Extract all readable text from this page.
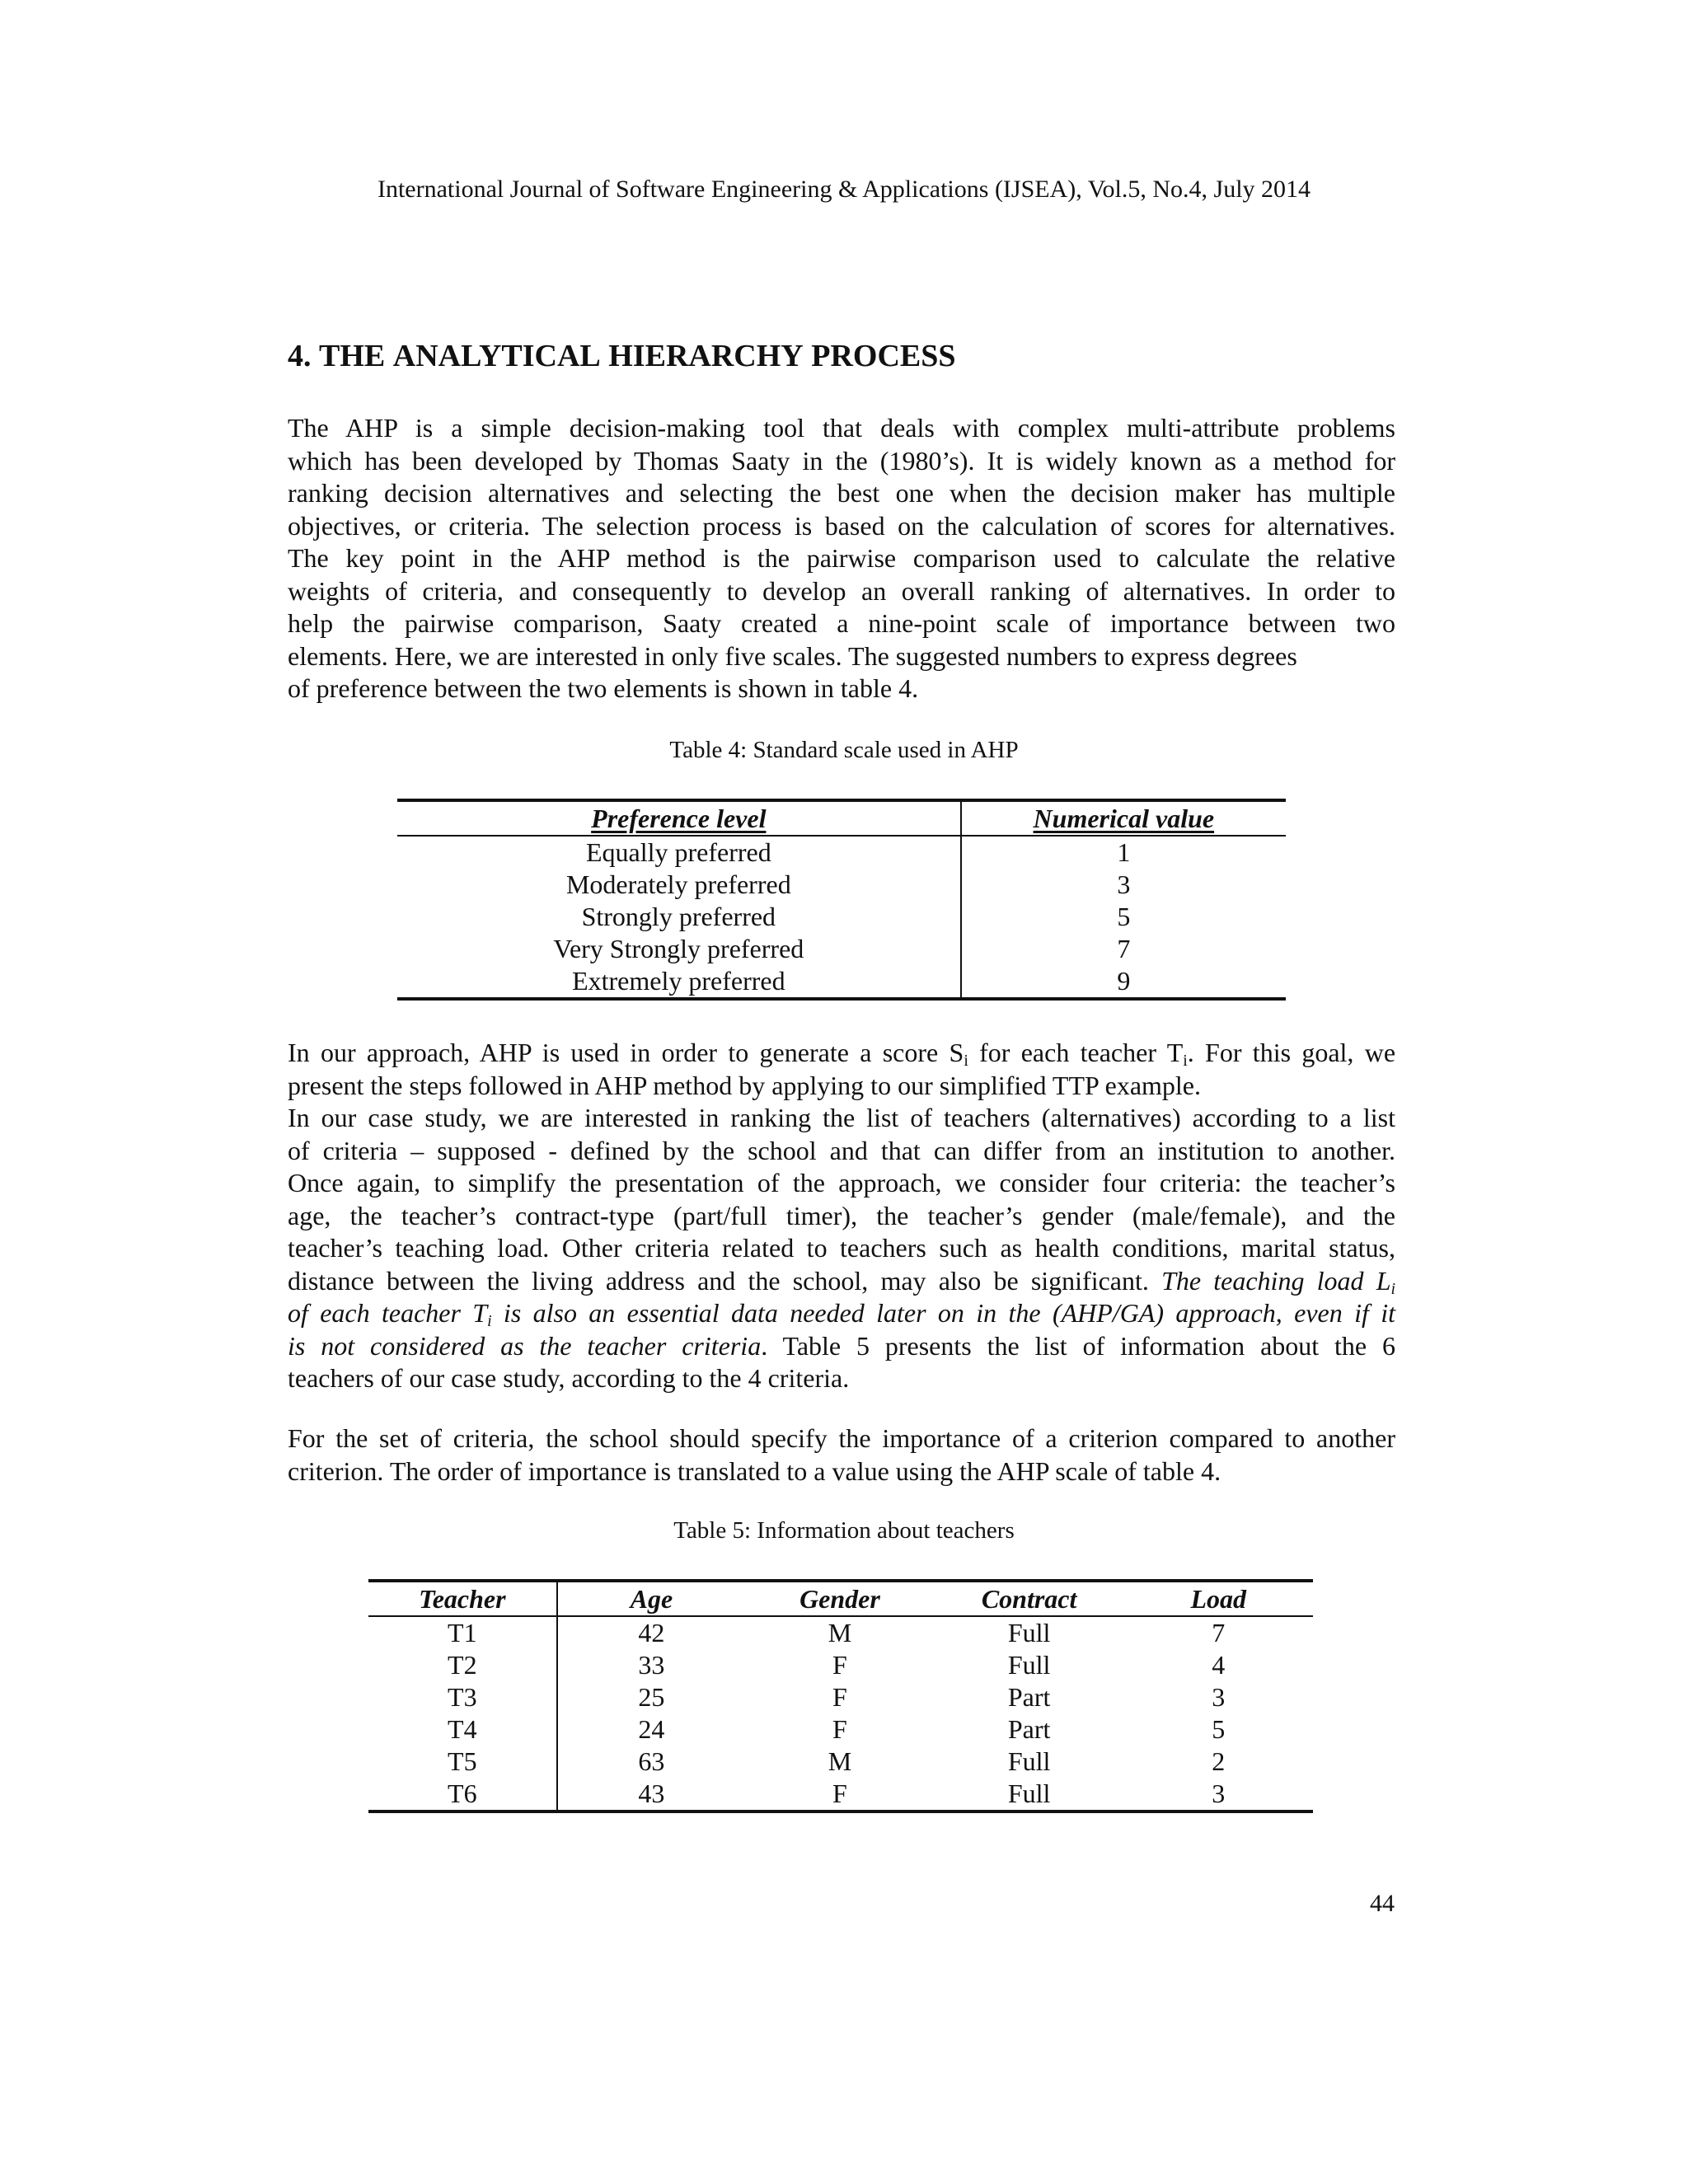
International Journal of Software Engineering & Applications (IJSEA), Vol.5, No.4, July 2014
4. THE ANALYTICAL HIERARCHY PROCESS
The AHP is a simple decision-making tool that deals with complex multi-attribute problems
which has been developed by Thomas Saaty in the (1980’s). It is widely known as a method for
ranking decision alternatives and selecting the best one when the decision maker has multiple
objectives, or criteria. The selection process is based on the calculation of scores for alternatives.
The key point in the AHP method is the pairwise comparison used to calculate the relative
weights of criteria, and consequently to develop an overall ranking of alternatives. In order to
help the pairwise comparison, Saaty created a nine-point scale of importance between two
elements. Here, we are interested in only five scales. The suggested numbers to express degrees
of preference between the two elements is shown in table 4.
Table 4: Standard scale used in AHP
Preference level	Numerical value
Equally preferred	1
Moderately preferred	3
Strongly preferred	5
Very Strongly preferred	7
Extremely preferred	9
In our approach, AHP is used in order to generate a score $S_i$ for each teacher $T_i$. For this goal, we
present the steps followed in AHP method by applying to our simplified TTP example.
In our case study, we are interested in ranking the list of teachers (alternatives) according to a list
of criteria – supposed - defined by the school and that can differ from an institution to another.
Once again, to simplify the presentation of the approach, we consider four criteria: the teacher’s
age, the teacher’s contract-type (part/full timer), the teacher’s gender (male/female), and the
teacher’s teaching load. Other criteria related to teachers such as health conditions, marital status,
distance between the living address and the school, may also be significant. The teaching load $L_i$
of each teacher $T_i$ is also an essential data needed later on in the (AHP/GA) approach, even if it
is not considered as the teacher criteria. Table 5 presents the list of information about the 6
teachers of our case study, according to the 4 criteria.
For the set of criteria, the school should specify the importance of a criterion compared to another
criterion. The order of importance is translated to a value using the AHP scale of table 4.
Table 5: Information about teachers
Teacher	Age	Gender	Contract	Load
T1	42	M	Full	7
T2	33	F	Full	4
T3	25	F	Part	3
T4	24	F	Part	5
T5	63	M	Full	2
T6	43	F	Full	3
44
